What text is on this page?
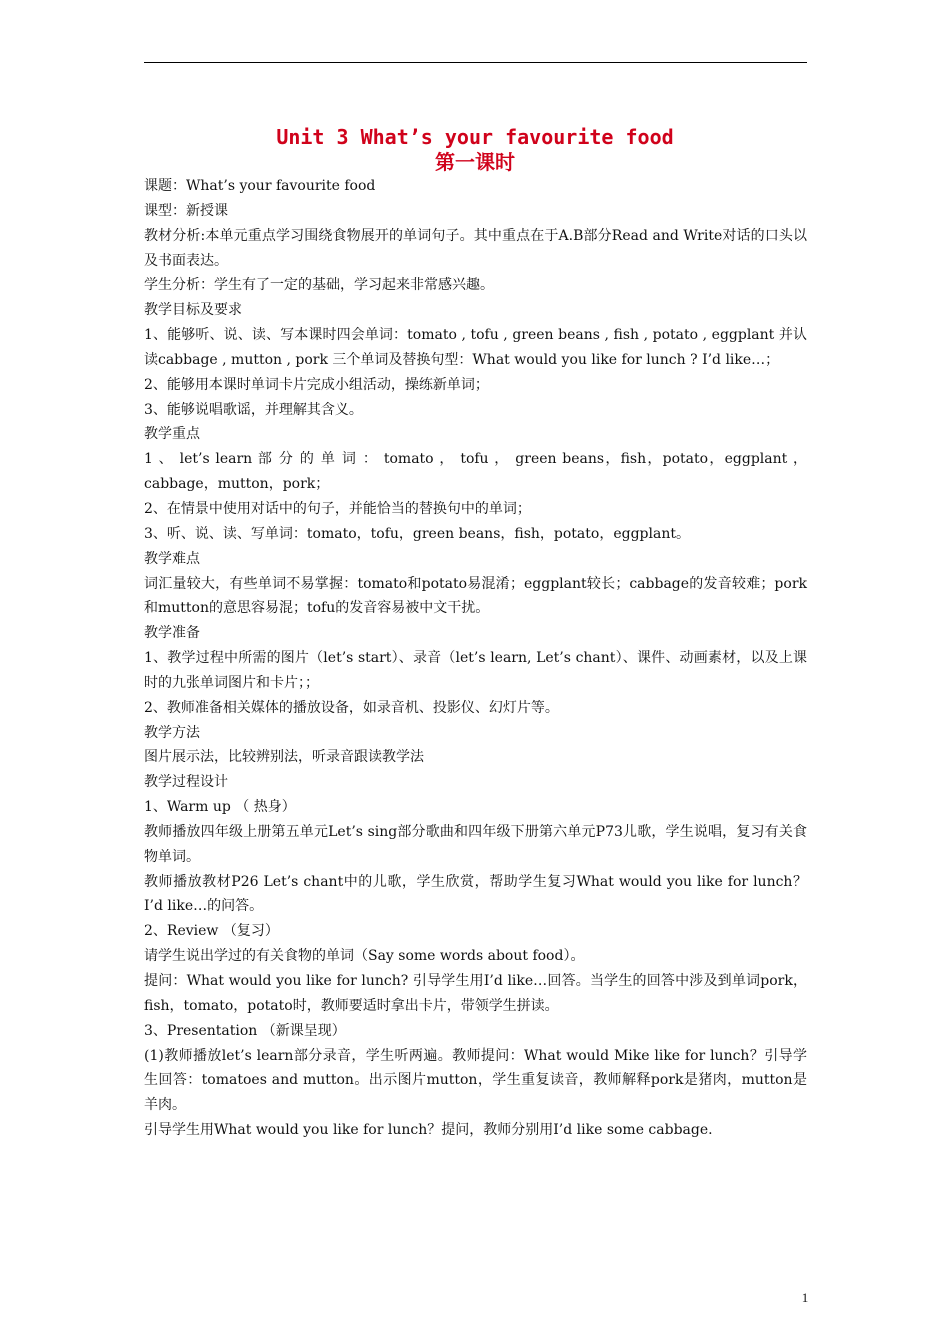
Unit 3 What’s your favourite food
第一课时

课题：What’s your favourite food

课型：新授课

教材分析:本单元重点学习围绕食物展开的单词句子。其中重点在于A.B部分Read and Write对话的口头以及书面表达。

学生分析：学生有了一定的基础，学习起来非常感兴趣。

教学目标及要求

1、能够听、说、读、写本课时四会单词：tomato , tofu , green beans , fish , potato , eggplant 并认读cabbage , mutton , pork 三个单词及替换句型：What would you like for lunch ? I’d like…；

2、能够用本课时单词卡片完成小组活动，操练新单词；

3、能够说唱歌谣，并理解其含义。

教学重点

1 、 let’s learn 部 分 的 单 词 ： tomato ， tofu ， green beans，fish，potato，eggplant ，cabbage，mutton，pork；

2、在情景中使用对话中的句子，并能恰当的替换句中的单词；

3、听、说、读、写单词：tomato，tofu，green beans，fish，potato，eggplant。

教学难点

词汇量较大，有些单词不易掌握：tomato和potato易混淆；eggplant较长；cabbage的发音较难；pork 和mutton的意思容易混；tofu的发音容易被中文干扰。

教学准备

1、教学过程中所需的图片（let’s start）、录音（let’s learn, Let’s chant）、课件、动画素材，以及上课时的九张单词图片和卡片；；

2、教师准备相关媒体的播放设备，如录音机、投影仪、幻灯片等。

教学方法

图片展示法，比较辨别法，听录音跟读教学法

教学过程设计

1、Warm up （ 热身）

教师播放四年级上册第五单元Let’s sing部分歌曲和四年级下册第六单元P73儿歌，学生说唱，复习有关食物单词。

教师播放教材P26 Let’s chant中的儿歌，学生欣赏，帮助学生复习What would you like for lunch？I’d like…的问答。

2、Review （复习）

请学生说出学过的有关食物的单词（Say some words about food）。

提问：What would you like for lunch? 引导学生用I’d like…回答。当学生的回答中涉及到单词pork，fish，tomato，potato时，教师要适时拿出卡片，带领学生拼读。

3、Presentation （新课呈现）

(1)教师播放let’s learn部分录音，学生听两遍。教师提问：What would Mike like for lunch？引导学生回答：tomatoes and mutton。出示图片mutton，学生重复读音，教师解释pork是猪肉，mutton是羊肉。

引导学生用What would you like for lunch？提问，教师分别用I’d like some cabbage.

1
